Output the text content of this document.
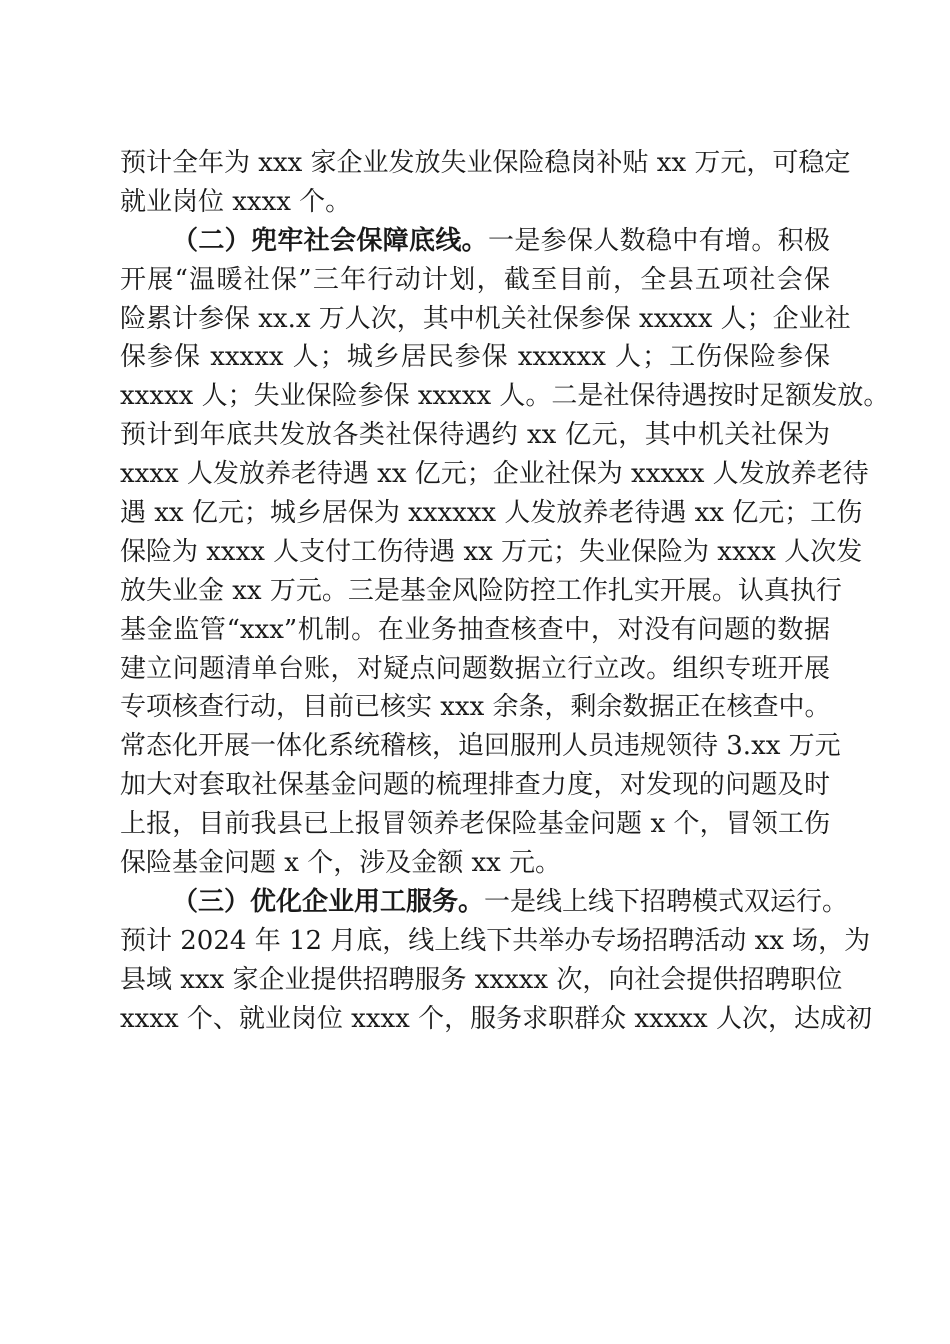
预计全年为 xxx 家企业发放失业保险稳岗补贴 xx 万元，可稳定
就业岗位 xxxx 个。
（二）兜牢社会保障底线。一是参保人数稳中有增。积极
开展“温暖社保”三年行动计划，截至目前，全县五项社会保
险累计参保 xx.x 万人次，其中机关社保参保 xxxxx 人；企业社
保参保 xxxxx 人；城乡居民参保 xxxxxx 人；工伤保险参保
xxxxx 人；失业保险参保 xxxxx 人。二是社保待遇按时足额发放。
预计到年底共发放各类社保待遇约 xx 亿元，其中机关社保为
xxxx 人发放养老待遇 xx 亿元；企业社保为 xxxxx 人发放养老待
遇 xx 亿元；城乡居保为 xxxxxx 人发放养老待遇 xx 亿元；工伤
保险为 xxxx 人支付工伤待遇 xx 万元；失业保险为 xxxx 人次发
放失业金 xx 万元。三是基金风险防控工作扎实开展。认真执行
基金监管“xxx”机制。在业务抽查核查中，对没有问题的数据
建立问题清单台账，对疑点问题数据立行立改。组织专班开展
专项核查行动，目前已核实 xxx 余条，剩余数据正在核查中。
常态化开展一体化系统稽核，追回服刑人员违规领待 3.xx 万元
加大对套取社保基金问题的梳理排查力度，对发现的问题及时
上报，目前我县已上报冒领养老保险基金问题 x 个，冒领工伤
保险基金问题 x 个，涉及金额 xx 元。
（三）优化企业用工服务。一是线上线下招聘模式双运行。
预计 2024 年 12 月底，线上线下共举办专场招聘活动 xx 场，为
县域 xxx 家企业提供招聘服务 xxxxx 次，向社会提供招聘职位
xxxx 个、就业岗位 xxxx 个，服务求职群众 xxxxx 人次，达成初
